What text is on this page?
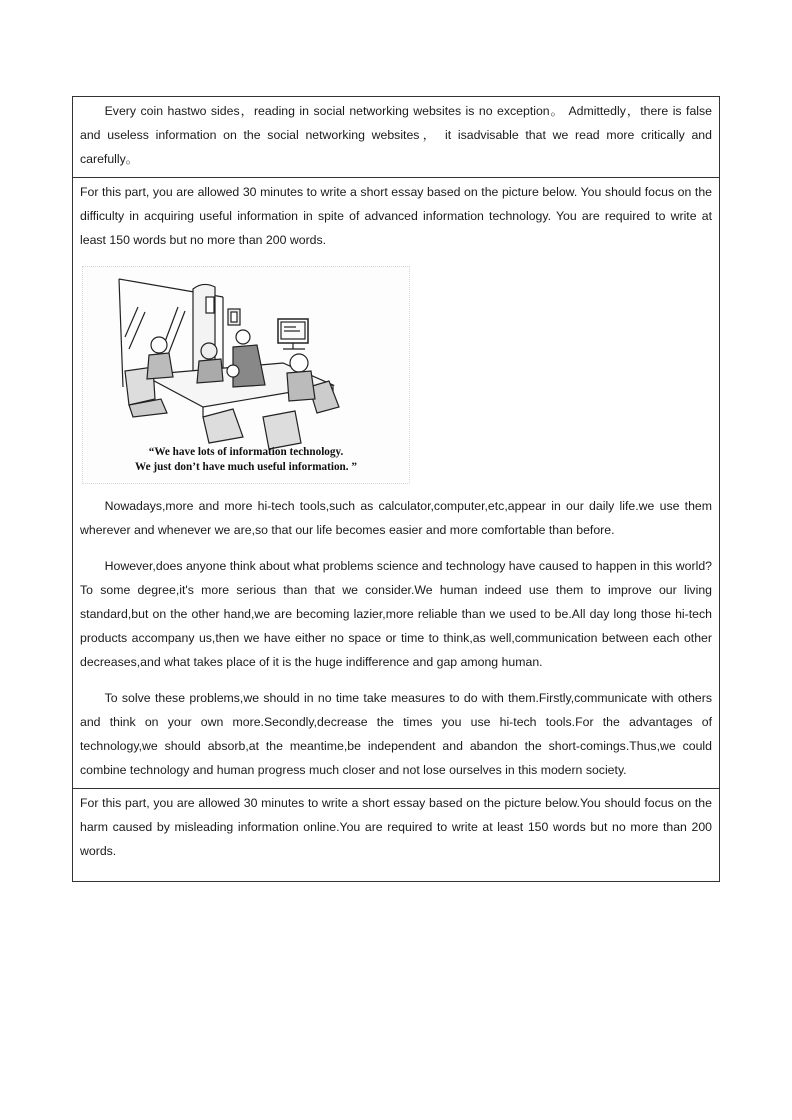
Every coin hastwo sides，reading in social networking websites is no exception。 Admittedly，there is false and useless information on the social networking websites， it isadvisable that we read more critically and carefully。

For this part, you are allowed 30 minutes to write a short essay based on the picture below. You should focus on the difficulty in acquiring useful information in spite of advanced information technology. You are required to write at least 150 words but no more than 200 words.

“We have lots of information technology.
We just don’t have much useful information. ”

Nowadays,more and more hi-tech tools,such as calculator,computer,etc,appear in our daily life.we use them wherever and whenever we are,so that our life becomes easier and more comfortable than before.

However,does anyone think about what problems science and technology have caused to happen in this world?To some degree,it's more serious than that we consider.We human indeed use them to improve our living standard,but on the other hand,we are becoming lazier,more reliable than we used to be.All day long those hi-tech products accompany us,then we have either no space or time to think,as well,communication between each other decreases,and what takes place of it is the huge indifference and gap among human.

To solve these problems,we should in no time take measures to do with them.Firstly,communicate with others and think on your own more.Secondly,decrease the times you use hi-tech tools.For the advantages of technology,we should absorb,at the meantime,be independent and abandon the short-comings.Thus,we could combine technology and human progress much closer and not lose ourselves in this modern society.

For this part, you are allowed 30 minutes to write a short essay based on the picture below.You should focus on the harm caused by misleading information online.You are required to write at least 150 words but no more than 200 words.
